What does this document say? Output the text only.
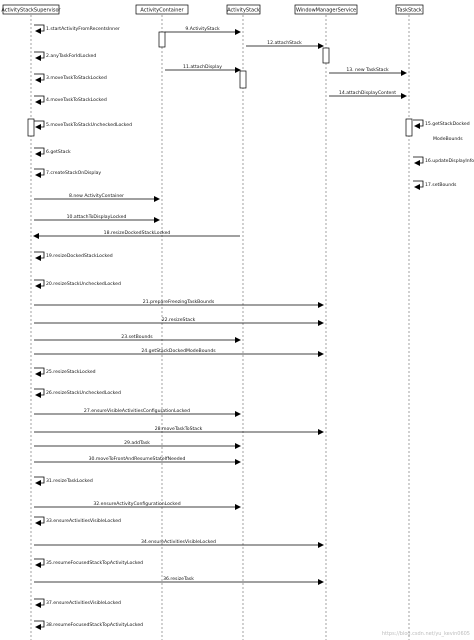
1.startActivityFromRecentsInner	9.ActivityStack
12.attachStack
2.anyTaskForIdLocked
11.attachDisplay
13. new TaskStack
3.moveTaskToStackLocked
14.attachDisplayContent
4.moveTaskToStackLocked
5.moveTaskToStackUncheckedLocked	15.getStackDocked
ModeBounds
6.getStack
16.updateDisplayInfo
7.createStackOnDisplay
17.setBounds
8.new ActivityContainer
10.attachToDisplayLocked
18.resizeDockedStackLocked
19.resizeDockedStackLocked
20.resizeStackUncheckedLocked
21.prepareFreezingTaskBounds
22.resizeStack
23.setBounds
24.getStackDockedModeBounds
25.resizeStackLocked
26.resizeStackUncheckedLocked
27.ensureVisibleActivitiesConfigurationLocked
28.moveTaskToStack
29.addTask
30.moveToFrontAndResumeStateIfNeeded
31.resizeTaskLocked
32.ensureActivityConfigurationLocked
33.ensureActivitiesVisibleLocked
34.ensureActivitiesVisibleLocked
35.resumeFocusedStackTopActivityLocked
36.resizeTask
37.ensureActivitiesVisibleLocked
38.resumeFocusedStackTopActivityLocked
ActivityStackSupervisor	ActivityContainer	ActivityStack	WindowManagerService	TaskStack
https://blog.csdn.net/yu_kevin0605
